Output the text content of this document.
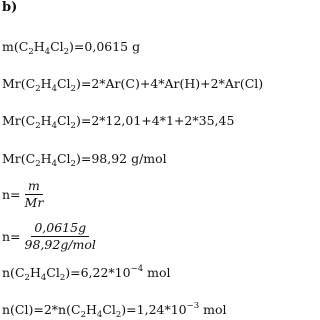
b)
$m(C_2H_4Cl_2)=0,0615$ g
$Mr(C_2H_4Cl_2)=2*Ar(C)+4*Ar(H)+2*Ar(Cl)$
$Mr(C_2H_4Cl_2)=2*12,01+4*1+2*35,45$
$Mr(C_2H_4Cl_2)=98,92$ g/mol
$n= \frac{m}{Mr}$
$n= \frac{0,0615g}{\text{98,92g/mol}}$
$n(C_2H_4Cl_2)=6,22*10^{-4}$ mol
$n(Cl)=2*n(C_2H_4Cl_2)=1,24*10^{-3}$ mol
